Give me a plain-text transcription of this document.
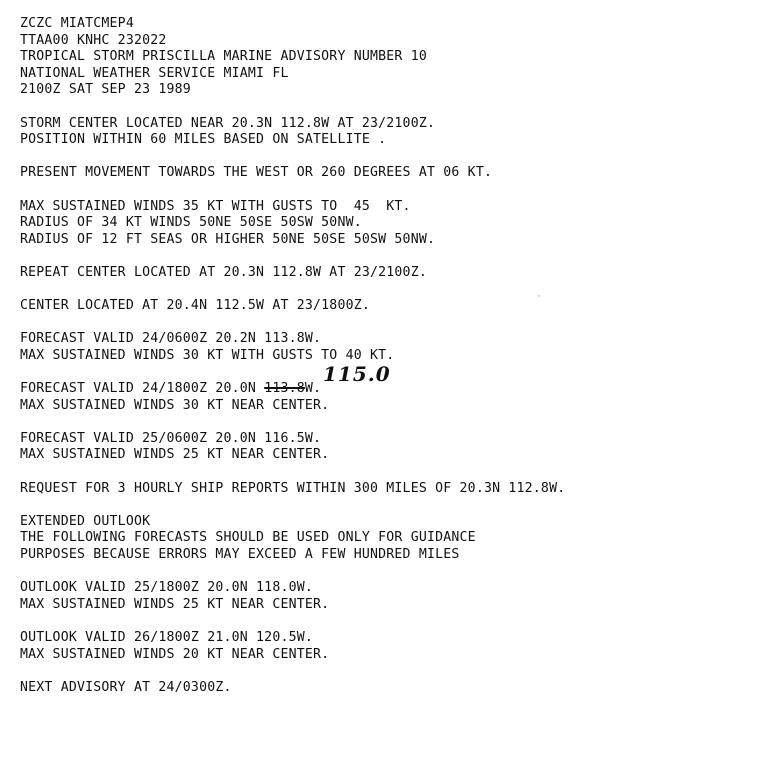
ZCZC MIATCMEP4
TTAA00 KNHC 232022
TROPICAL STORM PRISCILLA MARINE ADVISORY NUMBER 10
NATIONAL WEATHER SERVICE MIAMI FL
2100Z SAT SEP 23 1989
STORM CENTER LOCATED NEAR 20.3N 112.8W AT 23/2100Z.
POSITION WITHIN 60 MILES BASED ON SATELLITE .
PRESENT MOVEMENT TOWARDS THE WEST OR 260 DEGREES AT 06 KT.
MAX SUSTAINED WINDS 35 KT WITH GUSTS TO  45  KT.
RADIUS OF 34 KT WINDS 50NE 50SE 50SW 50NW.
RADIUS OF 12 FT SEAS OR HIGHER 50NE 50SE 50SW 50NW.
REPEAT CENTER LOCATED AT 20.3N 112.8W AT 23/2100Z.
CENTER LOCATED AT 20.4N 112.5W AT 23/1800Z.
FORECAST VALID 24/0600Z 20.2N 113.8W.
MAX SUSTAINED WINDS 30 KT WITH GUSTS TO 40 KT.
FORECAST VALID 24/1800Z 20.0N 113.8W.
MAX SUSTAINED WINDS 30 KT NEAR CENTER.
FORECAST VALID 25/0600Z 20.0N 116.5W.
MAX SUSTAINED WINDS 25 KT NEAR CENTER.
REQUEST FOR 3 HOURLY SHIP REPORTS WITHIN 300 MILES OF 20.3N 112.8W.
EXTENDED OUTLOOK
THE FOLLOWING FORECASTS SHOULD BE USED ONLY FOR GUIDANCE
PURPOSES BECAUSE ERRORS MAY EXCEED A FEW HUNDRED MILES
OUTLOOK VALID 25/1800Z 20.0N 118.0W.
MAX SUSTAINED WINDS 25 KT NEAR CENTER.
OUTLOOK VALID 26/1800Z 21.0N 120.5W.
MAX SUSTAINED WINDS 20 KT NEAR CENTER.
NEXT ADVISORY AT 24/0300Z.
115.0
·
